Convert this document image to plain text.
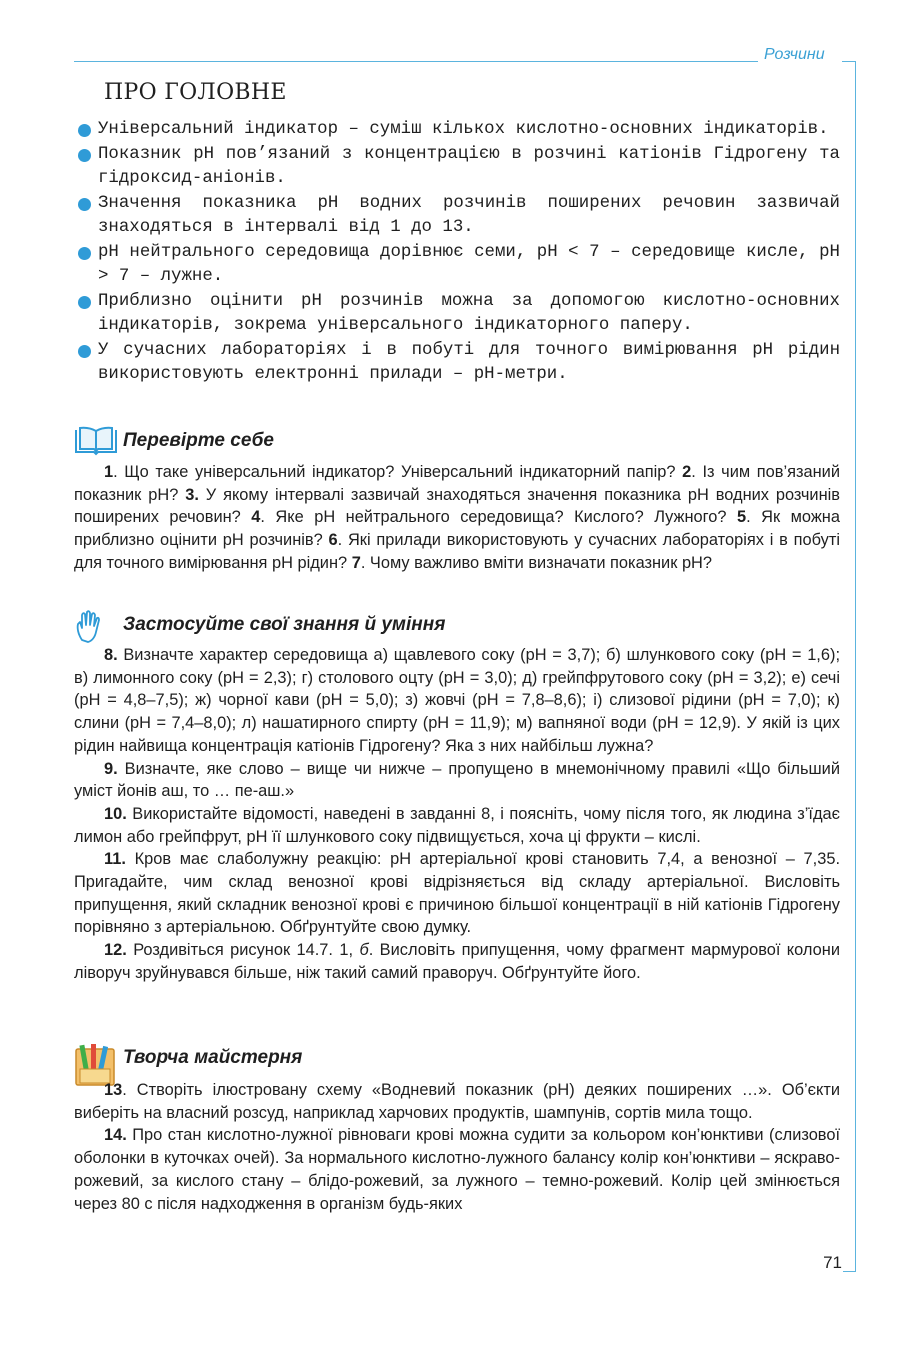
Розчини
ПРО ГОЛОВНЕ
Універсальний індикатор – суміш кількох кислотно-основних індикаторів.
Показник pH пов’язаний з концентрацією в розчині катіонів Гідрогену та гідроксид-аніонів.
Значення показника pH водних розчинів поширених речовин зазвичай знаходяться в інтервалі від 1 до 13.
pH нейтрального середовища дорівнює семи, pH < 7 – середовище кисле, pH > 7 – лужне.
Приблизно оцінити pH розчинів можна за допомогою кислотно-основних індикаторів, зокрема універсального індикаторного паперу.
У сучасних лабораторіях і в побуті для точного вимірювання pH рідин використовують електронні прилади – pH-метри.
Перевірте себе

1. Що таке універсальний індикатор? Універсальний індикаторний папір? 2. Із чим пов’язаний показник pH? 3. У якому інтервалі зазвичай знаходяться значення показника pH водних розчинів поширених речовин? 4. Яке pH нейтрального середовища? Кислого? Лужного? 5. Як можна приблизно оцінити pH розчинів? 6. Які прилади використовують у сучасних лабораторіях і в побуті для точного вимірювання pH рідин? 7. Чому важливо вміти визначати показник pH?

Застосуйте свої знання й уміння

8. Визначте характер середовища а) щавлевого соку (pH = 3,7); б) шлункового соку (pH = 1,6); в) лимонного соку (pH = 2,3); г) столового оцту (pH = 3,0); д) грейпфрутового соку (pH = 3,2); е) сечі (pH = 4,8–7,5); ж) чорної кави (pH = 5,0); з) жовчі (pH = 7,8–8,6); і) слизової рідини (pH = 7,0); к) слини (pH = 7,4–8,0); л) нашатирного спирту (pH = 11,9); м) вапняної води (pH = 12,9). У якій із цих рідин найвища концентрація катіонів Гідрогену? Яка з них найбільш лужна?

9. Визначте, яке слово – вище чи нижче – пропущено в мнемонічному правилі «Що більший уміст йонів аш, то … пе-аш.»

10. Використайте відомості, наведені в завданні 8, і поясніть, чому після того, як людина з’їдає лимон або грейпфрут, pH її шлункового соку підвищується, хоча ці фрукти – кислі.

11. Кров має слаболужну реакцію: pH артеріальної крові становить 7,4, а венозної – 7,35. Пригадайте, чим склад венозної крові відрізняється від складу артеріальної. Висловіть припущення, який складник венозної крові є причиною більшої концентрації в ній катіонів Гідрогену порівняно з артеріальною. Обґрунтуйте свою думку.

12. Роздивіться рисунок 14.7. 1, б. Висловіть припущення, чому фрагмент мармурової колони ліворуч зруйнувався більше, ніж такий самий праворуч. Обґрунтуйте його.

Творча майстерня

13. Створіть ілюстровану схему «Водневий показник (pH) деяких поширених …». Об’єкти виберіть на власний розсуд, наприклад харчових продуктів, шампунів, сортів мила тощо.

14. Про стан кислотно-лужної рівноваги крові можна судити за кольором кон’юнктиви (слизової оболонки в куточках очей). За нормального кислотно-лужного балансу колір кон’юнктиви – яскраво-рожевий, за кислого стану – блідо-рожевий, за лужного – темно-рожевий. Колір цей змінюється через 80 с після надходження в організм будь-яких

71
